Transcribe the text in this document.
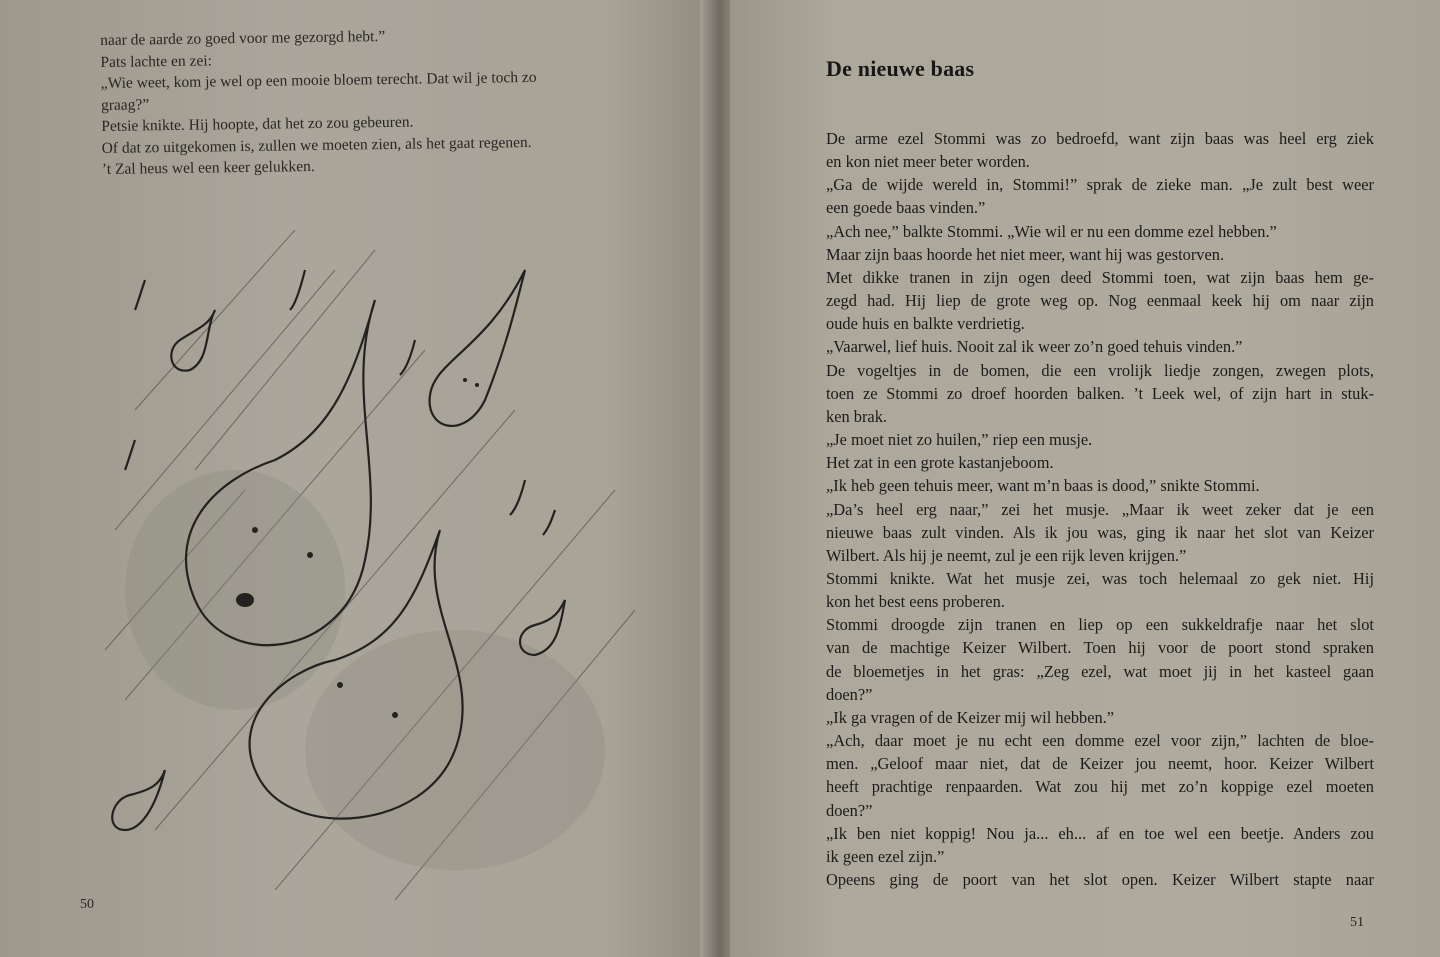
naar de aarde zo goed voor me gezorgd hebt.”
Pats lachte en zei:
„Wie weet, kom je wel op een mooie bloem terecht. Dat wil je toch zo
graag?”
Petsie knikte. Hij hoopte, dat het zo zou gebeuren.
Of dat zo uitgekomen is, zullen we moeten zien, als het gaat regenen.
’t Zal heus wel een keer gelukken.
50
De nieuwe baas
De arme ezel Stommi was zo bedroefd, want zijn baas was heel erg ziek
en kon niet meer beter worden.
„Ga de wijde wereld in, Stommi!” sprak de zieke man. „Je zult best weer
een goede baas vinden.”
„Ach nee,” balkte Stommi. „Wie wil er nu een domme ezel hebben.”
Maar zijn baas hoorde het niet meer, want hij was gestorven.
Met dikke tranen in zijn ogen deed Stommi toen, wat zijn baas hem ge-
zegd had. Hij liep de grote weg op. Nog eenmaal keek hij om naar zijn
oude huis en balkte verdrietig.
„Vaarwel, lief huis. Nooit zal ik weer zo’n goed tehuis vinden.”
De vogeltjes in de bomen, die een vrolijk liedje zongen, zwegen plots,
toen ze Stommi zo droef hoorden balken. ’t Leek wel, of zijn hart in stuk-
ken brak.
„Je moet niet zo huilen,” riep een musje.
Het zat in een grote kastanjeboom.
„Ik heb geen tehuis meer, want m’n baas is dood,” snikte Stommi.
„Da’s heel erg naar,” zei het musje. „Maar ik weet zeker dat je een
nieuwe baas zult vinden. Als ik jou was, ging ik naar het slot van Keizer
Wilbert. Als hij je neemt, zul je een rijk leven krijgen.”
Stommi knikte. Wat het musje zei, was toch helemaal zo gek niet. Hij
kon het best eens proberen.
Stommi droogde zijn tranen en liep op een sukkeldrafje naar het slot
van de machtige Keizer Wilbert. Toen hij voor de poort stond spraken
de bloemetjes in het gras: „Zeg ezel, wat moet jij in het kasteel gaan
doen?”
„Ik ga vragen of de Keizer mij wil hebben.”
„Ach, daar moet je nu echt een domme ezel voor zijn,” lachten de bloe-
men. „Geloof maar niet, dat de Keizer jou neemt, hoor. Keizer Wilbert
heeft prachtige renpaarden. Wat zou hij met zo’n koppige ezel moeten
doen?”
„Ik ben niet koppig! Nou ja... eh... af en toe wel een beetje. Anders zou
ik geen ezel zijn.”
Opeens ging de poort van het slot open. Keizer Wilbert stapte naar
51
